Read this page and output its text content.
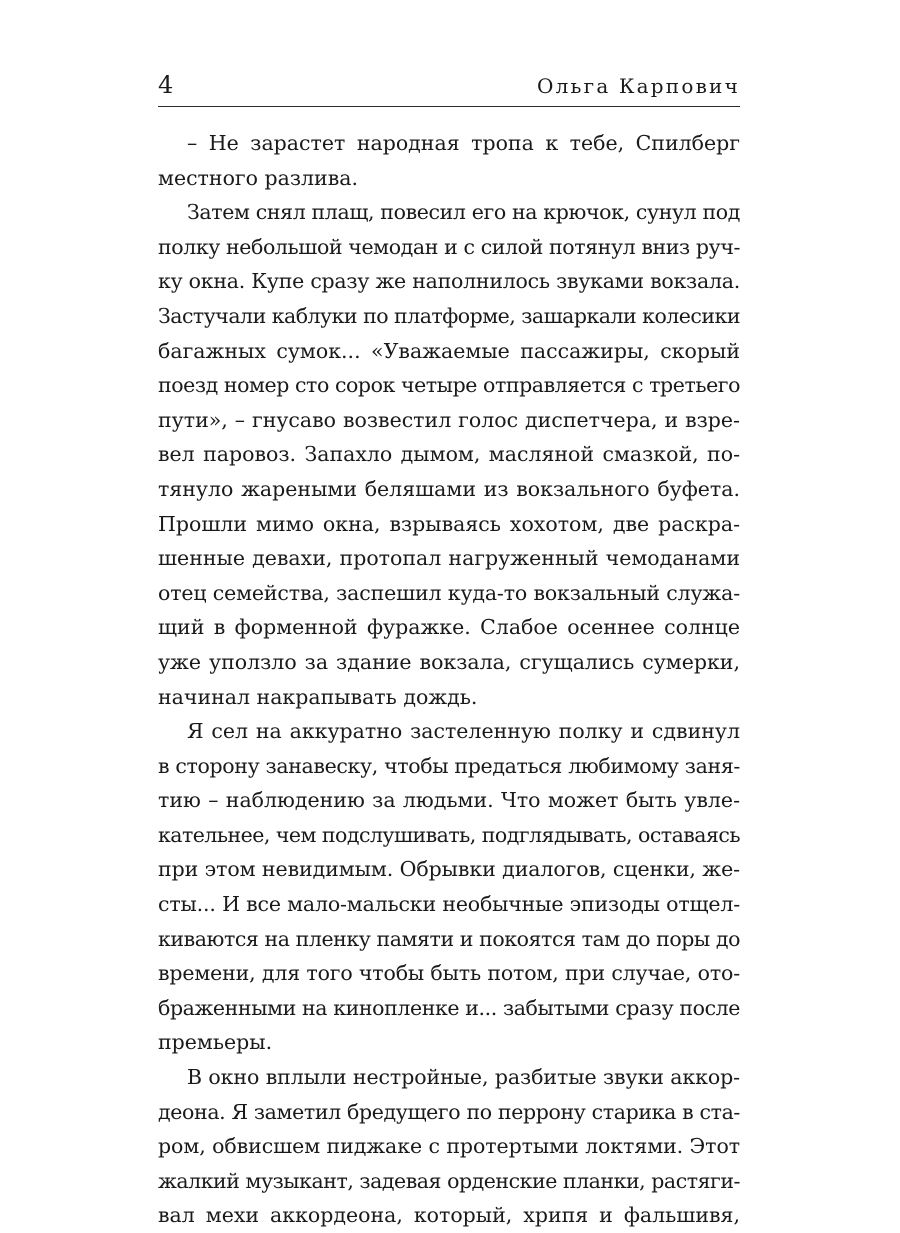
4	Ольга Карпович
– Не зарастет народная тропа к тебе, Спилберг
местного разлива.
Затем снял плащ, повесил его на крючок, сунул под
полку небольшой чемодан и с силой потянул вниз руч-
ку окна. Купе сразу же наполнилось звуками вокзала.
Застучали каблуки по платформе, зашаркали колесики
багажных сумок... «Уважаемые пассажиры, скорый
поезд номер сто сорок четыре отправляется с третьего
пути», – гнусаво возвестил голос диспетчера, и взре-
вел паровоз. Запахло дымом, масляной смазкой, по-
тянуло жареными беляшами из вокзального буфета.
Прошли мимо окна, взрываясь хохотом, две раскра-
шенные девахи, протопал нагруженный чемоданами
отец семейства, заспешил куда-то вокзальный служа-
щий в форменной фуражке. Слабое осеннее солнце
уже уползло за здание вокзала, сгущались сумерки,
начинал накрапывать дождь.
Я сел на аккуратно застеленную полку и сдвинул
в сторону занавеску, чтобы предаться любимому заня-
тию – наблюдению за людьми. Что может быть увле-
кательнее, чем подслушивать, подглядывать, оставаясь
при этом невидимым. Обрывки диалогов, сценки, же-
сты... И все мало-мальски необычные эпизоды отщел-
киваются на пленку памяти и покоятся там до поры до
времени, для того чтобы быть потом, при случае, ото-
браженными на кинопленке и... забытыми сразу после
премьеры.
В окно вплыли нестройные, разбитые звуки аккор-
деона. Я заметил бредущего по перрону старика в ста-
ром, обвисшем пиджаке с протертыми локтями. Этот
жалкий музыкант, задевая орденские планки, растяги-
вал мехи аккордеона, который, хрипя и фальшивя,
